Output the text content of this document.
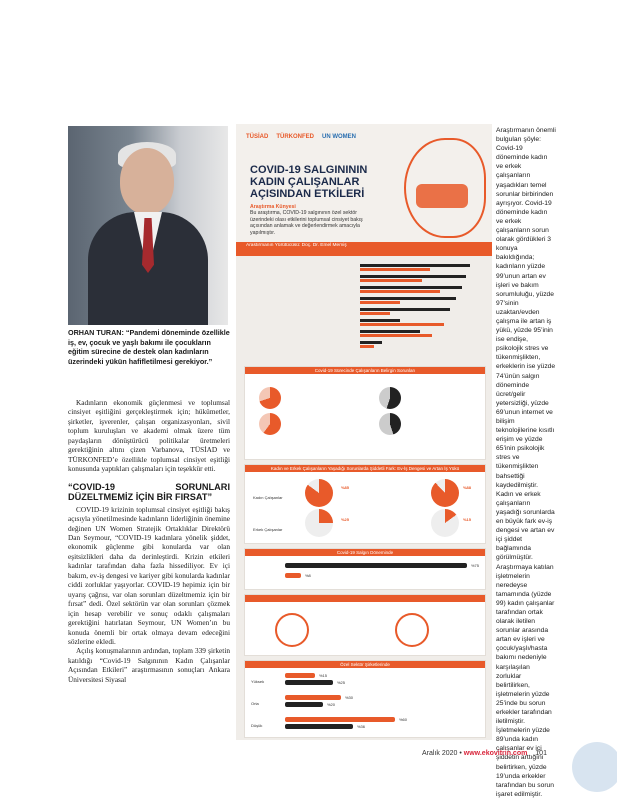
ORHAN TURAN: “Pandemi döneminde özellikle iş, ev, çocuk ve yaşlı bakımı ile çocukların eğitim sürecine de destek olan kadınların üzerindeki yükün hafifletilmesi gerekiyor.”

Kadınların ekonomik güçlenmesi ve toplumsal cinsiyet eşitliğini gerçekleştirmek için; hükümetler, şirketler, işverenler, çalışan organizasyonları, sivil toplum kuruluşları ve akademi olmak üzere tüm paydaşların dönüştürücü politikalar üretmeleri gerektiğinin altını çizen Varbanova, TÜSİAD ve TÜRKONFED’e özellikle toplumsal cinsiyet eşitliği konusunda yaptıkları çalışmaları için teşekkür etti.

“COVID-19 SORUNLARI DÜZELTMEMİZ İÇİN BİR FIRSAT”

COVID-19 krizinin toplumsal cinsiyet eşitliği bakış açısıyla yönetilmesinde kadınların liderliğinin önemine değinen UN Women Stratejik Ortaklıklar Direktörü Dan Seymour, “COVID-19 kadınlara yönelik şiddet, ekonomik güçlenme gibi konularda var olan eşitsizlikleri daha da derinleştirdi. Krizin etkileri kadınlar tarafından daha fazla hissediliyor. Ev içi bakım, ev-iş dengesi ve kariyer gibi konularda kadınlar ciddi zorluklar yaşıyorlar. COVID-19 hepimiz için bir uyarış çağrısı, var olan sorunları düzeltmemiz için bir fırsat” dedi. Özel sektörün var olan sorunları çözmek için hesap verebilir ve sonuç odaklı çalışmaları gerektiğini hatırlatan Seymour, UN Women’ın bu konuda önemli bir ortak olmaya devam edeceğini sözlerine ekledi.

Açılış konuşmalarının ardından, toplam 339 şirketin katıldığı “Covid-19 Salgınının Kadın Çalışanlar Açısından Etkileri” araştırmasının sonuçları Ankara Üniversitesi Siyasal

TÜSİAD TÜRKONFED UN WOMEN
COVID-19 SALGINININ KADIN ÇALIŞANLAR AÇISINDAN ETKİLERİ
Araştırma Künyesi
Bu araştırma, COVID-19 salgınının özel sektör üzerindeki olası etkilerini toplumsal cinsiyet bakış açısından anlamak ve değerlendirmek amacıyla yapılmıştır.
Arastırmanın Yürütücüsü: Doç. Dr. Emel Memiş
Covid-19 Sürecinde Çalışanların Belirgin Sorunları
Kadın ve Erkek Çalışanların Yaşadığı Sorunlarda Şiddetli Fark: Ev-İş Dengesi ve Artan İş Yükü
%85
Kadın Çalışanlar
%25
Erkek Çalışanlar
%88
%15
Covid-19 Salgın Döneminde
%75
%8

Özel Sektör Şirketlerinde
Yüksek
%15
%25
Orta
%30
%20
Düşük
%60
%36
Araştırmanın önemli bulguları şöyle: Covid-19 döneminde kadın ve erkek çalışanların yaşadıkları temel sorunlar birbirinden ayrışıyor. Covid-19 döneminde kadın ve erkek çalışanların sorun olarak gördükleri 3 konuya bakıldığında; kadınların yüzde 99’unun artan ev işleri ve bakım sorumluluğu, yüzde 97’sinin uzaktan/evden çalışma ile artan iş yükü, yüzde 95’inin ise endişe, psikolojik stres ve tükenmişlikten, erkeklerin ise yüzde 74’ünün salgın döneminde ücret/gelir yetersizliği, yüzde 69’unun internet ve bilişim teknolojilerine kısıtlı erişim ve yüzde 65’inin psikolojik stres ve tükenmişlikten bahsettiği kaydedilmiştir. Kadın ve erkek çalışanların yaşadığı sorunlarda en büyük fark ev-iş dengesi ve artan ev içi şiddet bağlamında görülmüştür. Araştırmaya katılan işletmelerin neredeyse tamamında (yüzde 99) kadın çalışanlar tarafından ortak olarak iletilen sorunlar arasında artan ev işleri ve çocuk/yaşlı/hasta bakımı nedeniyle karşılaşılan zorluklar belirtilirken, işletmelerin yüzde 25’inde bu sorun erkekler tarafından iletilmiştir. İşletmelerin yüzde 89’unda kadın çalışanlar ev içi şiddetin arttığını belirtirken, yüzde 19’unda erkekler tarafından bu sorun işaret edilmiştir.
Aralık 2020 • www.ekovitrin.com 101
